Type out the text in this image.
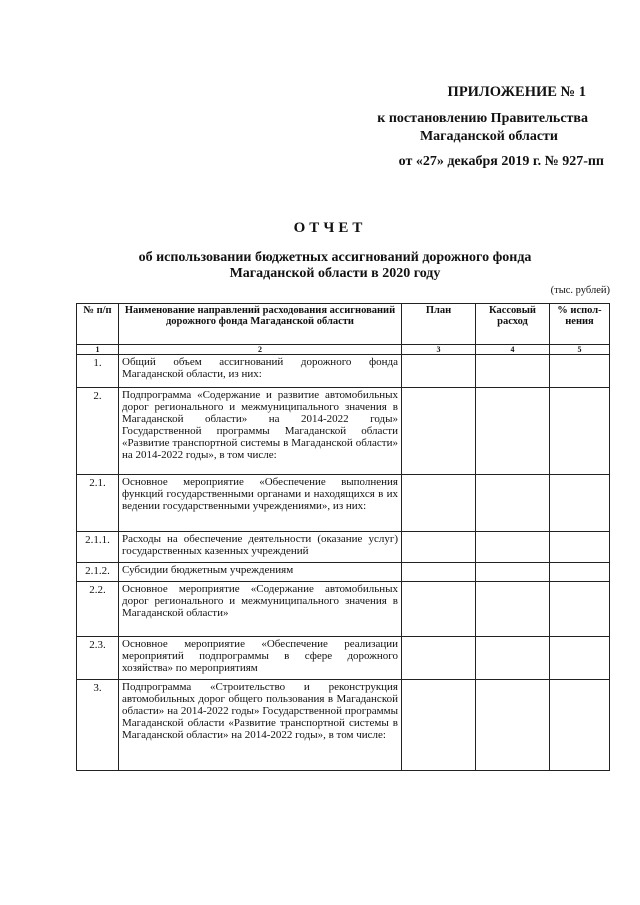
ПРИЛОЖЕНИЕ № 1
к постановлению Правительства
Магаданской области
от «27» декабря 2019 г. № 927-пп
ОТЧЕТ
об использовании бюджетных ассигнований дорожного фонда
Магаданской области в 2020 году
(тыс. рублей)
№ п/п	Наименование направлений расходования ассигнований дорожного фонда Магаданской области	План	Кассовый расход	% испол-нения
1	2	3	4	5
1.	Общий объем ассигнований дорожного фонда Магаданской области, из них:			
2.	Подпрограмма «Содержание и развитие автомобильных дорог регионального и межмуниципального значения в Магаданской области» на 2014-2022 годы» Государственной программы Магаданской области «Развитие транспортной системы в Магаданской области» на 2014-2022 годы», в том числе:			
2.1.	Основное мероприятие «Обеспечение выполнения функций государственными органами и находящихся в их ведении государственными учреждениями», из них:			
2.1.1.	Расходы на обеспечение деятельности (оказание услуг) государственных казенных учреждений			
2.1.2.	Субсидии бюджетным учреждениям			
2.2.	Основное мероприятие «Содержание автомобильных дорог регионального и межмуниципального значения в Магаданской области»			
2.3.	Основное мероприятие «Обеспечение реализации мероприятий подпрограммы в сфере дорожного хозяйства» по мероприятиям			
3.	Подпрограмма «Строительство и реконструкция автомобильных дорог общего пользования в Магаданской области» на 2014-2022 годы» Государственной программы Магаданской области «Развитие транспортной системы в Магаданской области» на 2014-2022 годы», в том числе:			
